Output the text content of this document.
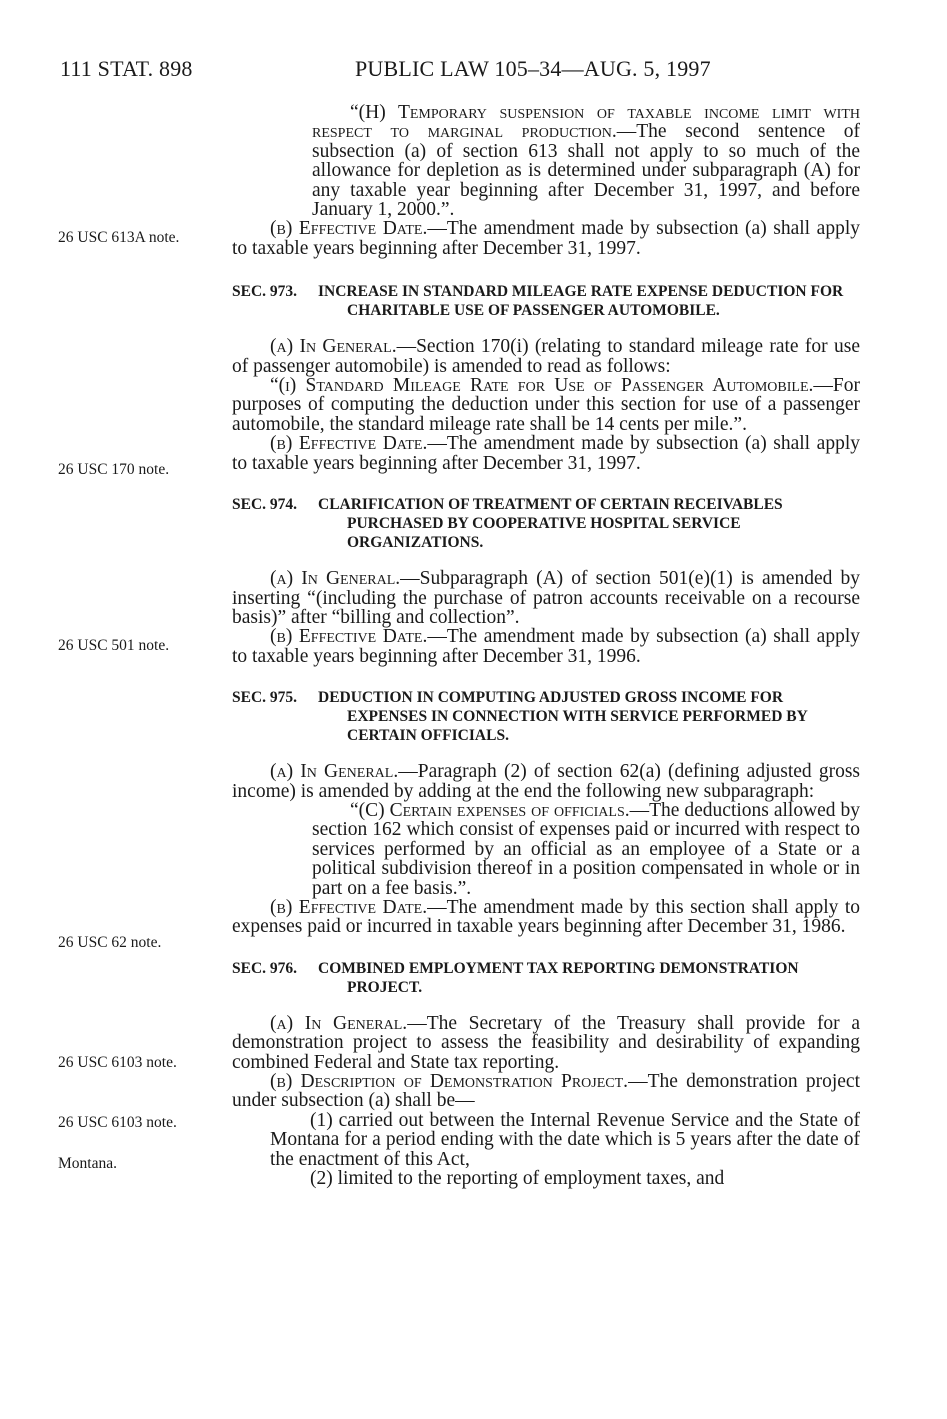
111 STAT. 898	PUBLIC LAW 105–34—AUG. 5, 1997
26 USC 613A note.
26 USC 170 note.
26 USC 501 note.
26 USC 62 note.
26 USC 6103 note.
26 USC 6103 note.
Montana.

“(H) Temporary suspension of taxable income limit with respect to marginal production.—The second sentence of subsection (a) of section 613 shall not apply to so much of the allowance for depletion as is determined under subparagraph (A) for any taxable year beginning after December 31, 1997, and before January 1, 2000.”.

(b) Effective Date.—The amendment made by subsection (a) shall apply to taxable years beginning after December 31, 1997.

SEC. 973. INCREASE IN STANDARD MILEAGE RATE EXPENSE DEDUCTION FOR CHARITABLE USE OF PASSENGER AUTOMOBILE.

(a) In General.—Section 170(i) (relating to standard mileage rate for use of passenger automobile) is amended to read as follows:

“(i) Standard Mileage Rate for Use of Passenger Automobile.—For purposes of computing the deduction under this section for use of a passenger automobile, the standard mileage rate shall be 14 cents per mile.”.

(b) Effective Date.—The amendment made by subsection (a) shall apply to taxable years beginning after December 31, 1997.

SEC. 974. CLARIFICATION OF TREATMENT OF CERTAIN RECEIVABLES PURCHASED BY COOPERATIVE HOSPITAL SERVICE ORGANIZATIONS.

(a) In General.—Subparagraph (A) of section 501(e)(1) is amended by inserting “(including the purchase of patron accounts receivable on a recourse basis)” after “billing and collection”.

(b) Effective Date.—The amendment made by subsection (a) shall apply to taxable years beginning after December 31, 1996.

SEC. 975. DEDUCTION IN COMPUTING ADJUSTED GROSS INCOME FOR EXPENSES IN CONNECTION WITH SERVICE PERFORMED BY CERTAIN OFFICIALS.

(a) In General.—Paragraph (2) of section 62(a) (defining adjusted gross income) is amended by adding at the end the following new subparagraph:

“(C) Certain expenses of officials.—The deductions allowed by section 162 which consist of expenses paid or incurred with respect to services performed by an official as an employee of a State or a political subdivision thereof in a position compensated in whole or in part on a fee basis.”.

(b) Effective Date.—The amendment made by this section shall apply to expenses paid or incurred in taxable years beginning after December 31, 1986.

SEC. 976. COMBINED EMPLOYMENT TAX REPORTING DEMONSTRATION PROJECT.

(a) In General.—The Secretary of the Treasury shall provide for a demonstration project to assess the feasibility and desirability of expanding combined Federal and State tax reporting.

(b) Description of Demonstration Project.—The demonstration project under subsection (a) shall be—

(1) carried out between the Internal Revenue Service and the State of Montana for a period ending with the date which is 5 years after the date of the enactment of this Act,

(2) limited to the reporting of employment taxes, and
